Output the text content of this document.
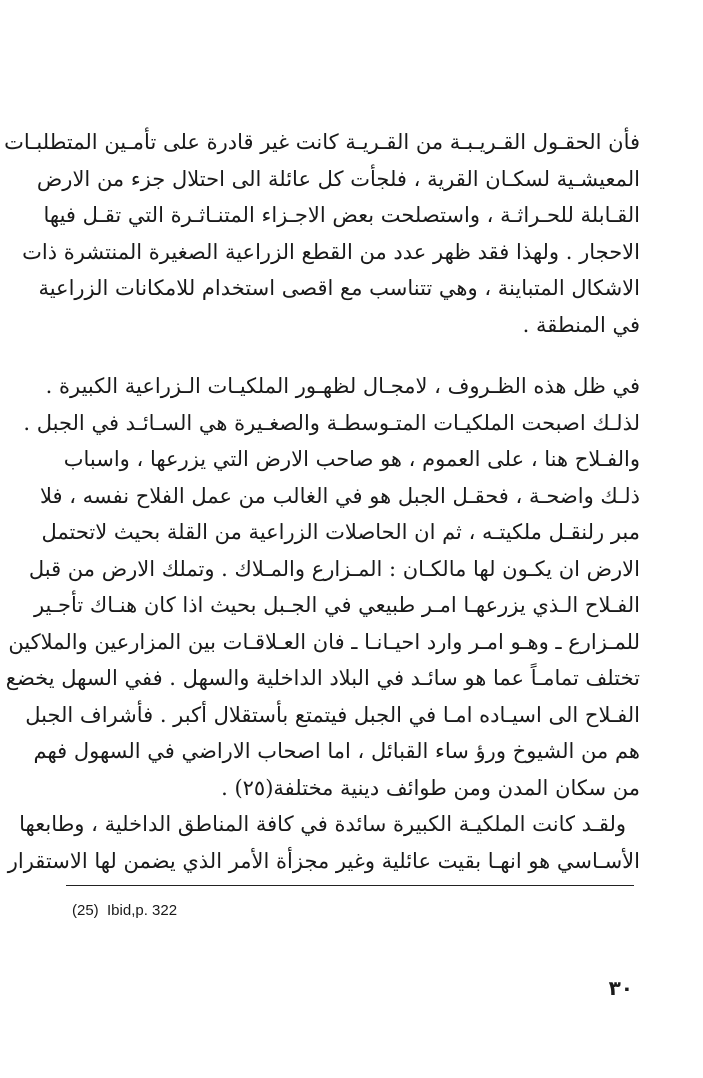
فأن الحقـول القـريـبـة من القـريـة كانت غير قادرة على تأمـين المتطلبـات
المعيشـية لسكـان القرية ، فلجأت كل عائلة الى احتلال جزء من الارض
القـابلة للحـراثـة ، واستصلحت بعض الاجـزاء المتنـاثـرة التي تقـل فيها
الاحجار . ولهذا فقد ظهر عدد من القطع الزراعية الصغيرة المنتشرة ذات
الاشكال المتباينة ، وهي تتناسب مع اقصى استخدام للامكانات الزراعية
في المنطقة .
في ظل هذه الظـروف ، لامجـال لظهـور الملكيـات الـزراعية الكبيرة .
لذلـك اصبحت الملكيـات المتـوسطـة والصغـيرة هي السـائـد في الجبل .
والفـلاح هنا ، على العموم ، هو صاحب الارض التي يزرعها ، واسباب
ذلـك واضحـة ، فحقـل الجبل هو في الغالب من عمل الفلاح نفسه ، فلا
مبر رلنقـل ملكيتـه ، ثم ان الحاصلات الزراعية من القلة بحيث لاتحتمل
الارض ان يكـون لها مالكـان : المـزارع والمـلاك . وتملك الارض من قبل
الفـلاح الـذي يزرعهـا امـر طبيعي في الجـبل بحيث اذا كان هنـاك تأجـير
للمـزارع ـ وهـو امـر وارد احيـانـا ـ فان العـلاقـات بين المزارعين والملاكين
تختلف تمامـاً عما هو سائـد في البلاد الداخلية والسهل . ففي السهل يخضع
الفـلاح الى اسيـاده امـا في الجبل فيتمتع بأستقلال أكبر . فأشراف الجبل
هم من الشيوخ ورؤ ساء القبائل ، اما اصحاب الاراضي في السهول فهم
من سكان المدن ومن طوائف دينية مختلفة(٢٥) .
ولقـد كانت الملكيـة الكبيرة سائدة في كافة المناطق الداخلية ، وطابعها
الأسـاسي هو انهـا بقيت عائلية وغير مجزأة الأمر الذي يضمن لها الاستقرار
(25)  Ibid,p. 322
٣٠
